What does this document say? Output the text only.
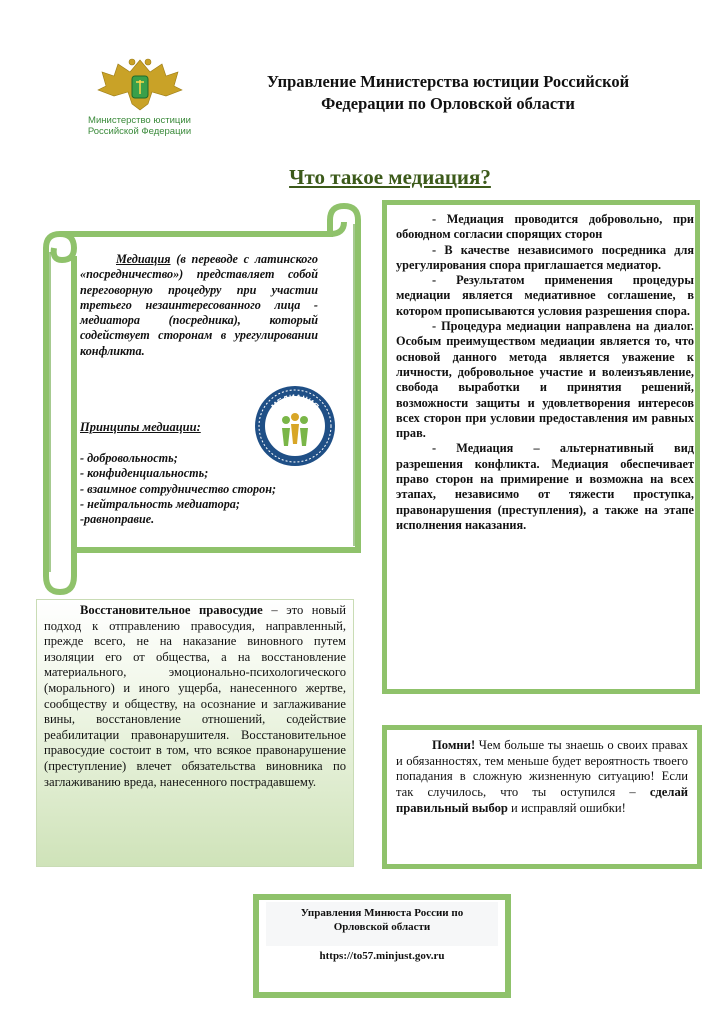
Министерство юстиции
Российской Федерации
Управление Министерства юстиции Российской
Федерации по Орловской области
Что такое медиация?

Медиация (в переводе с латинского «посредничество») представляет собой переговорную процедуру при участии третьего незаинтересованного лица - медиатора (посредника), который содействует сторонам в урегулировании конфликта.

Принципы медиации:
- добровольность;
- конфиденциальность;
- взаимное сотрудничество сторон;
- нейтральность медиатора;
-равноправие.
МЕДИАЦИЯ

- Медиация проводится добровольно, при обоюдном согласии спорящих сторон

- В качестве независимого посредника для урегулирования спора приглашается медиатор.

- Результатом применения процедуры медиации является медиативное соглашение, в котором прописываются условия разрешения спора.

- Процедура медиации направлена на диалог. Особым преимуществом медиации является то, что основой данного метода является уважение к личности, добровольное участие и волеизъявление, свобода выработки и принятия решений, возможности защиты и удовлетворения интересов всех сторон при условии предоставления им равных прав.

- Медиация – альтернативный вид разрешения конфликта. Медиация обеспечивает право сторон на примирение и возможна на всех этапах, независимо от тяжести проступка, правонарушения (преступления), а также на этапе исполнения наказания.

Восстановительное правосудие – это новый подход к отправлению правосудия, направленный, прежде всего, не на наказание виновного путем изоляции его от общества, а на восстановление материального, эмоционально-психологического (морального) и иного ущерба, нанесенного жертве, сообществу и обществу, на осознание и заглаживание вины, восстановление отношений, содействие реабилитации правонарушителя. Восстановительное правосудие состоит в том, что всякое правонарушение (преступление) влечет обязательства виновника по заглаживанию вреда, нанесенного пострадавшему.
Помни! Чем больше ты знаешь о своих правах и обязанностях, тем меньше будет вероятность твоего попадания в сложную жизненную ситуацию! Если так случилось, что ты оступился – сделай правильный выбор и исправляй ошибки!
Управления Минюста России по
Орловской области
https://to57.minjust.gov.ru
